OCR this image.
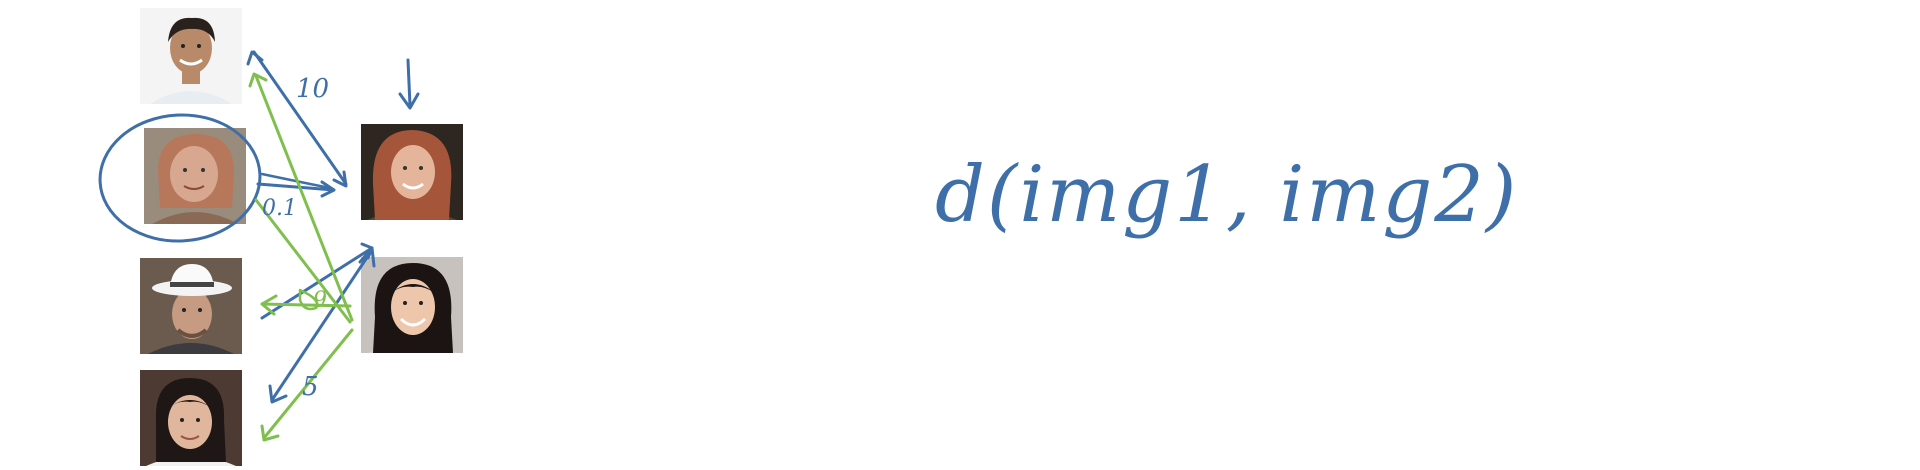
10
0.1
9
5
d(img1, img2)
